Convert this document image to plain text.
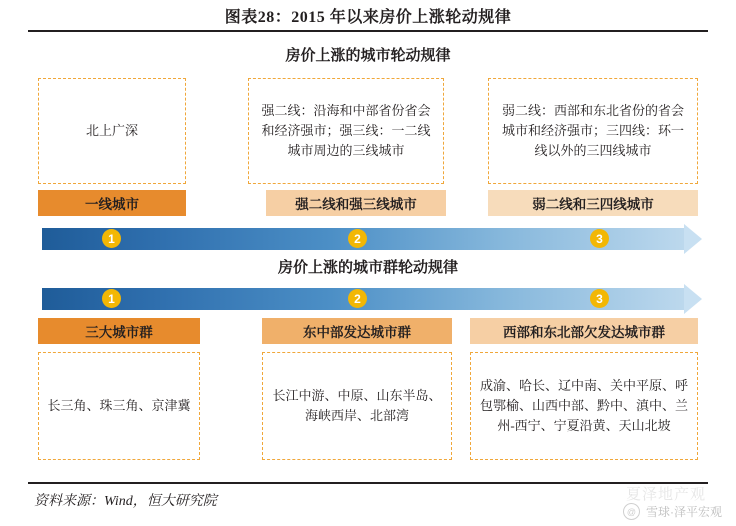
图表28：2015 年以来房价上涨轮动规律
房价上涨的城市轮动规律
北上广深
强二线：沿海和中部省份省会和经济强市；强三线：一二线城市周边的三线城市
弱二线：西部和东北省份的省会城市和经济强市；三四线：环一线以外的三四线城市
一线城市	强二线和强三线城市	弱二线和三四线城市
1	2	3
房价上涨的城市群轮动规律
1	2	3
三大城市群	东中部发达城市群	西部和东北部欠发达城市群
长三角、珠三角、京津冀
长江中游、中原、山东半岛、海峡西岸、北部湾
成渝、哈长、辽中南、关中平原、呼包鄂榆、山西中部、黔中、滇中、兰州-西宁、宁夏沿黄、天山北坡
资料来源：Wind，恒大研究院	夏泽地产观
@ 雪球·泽平宏观
